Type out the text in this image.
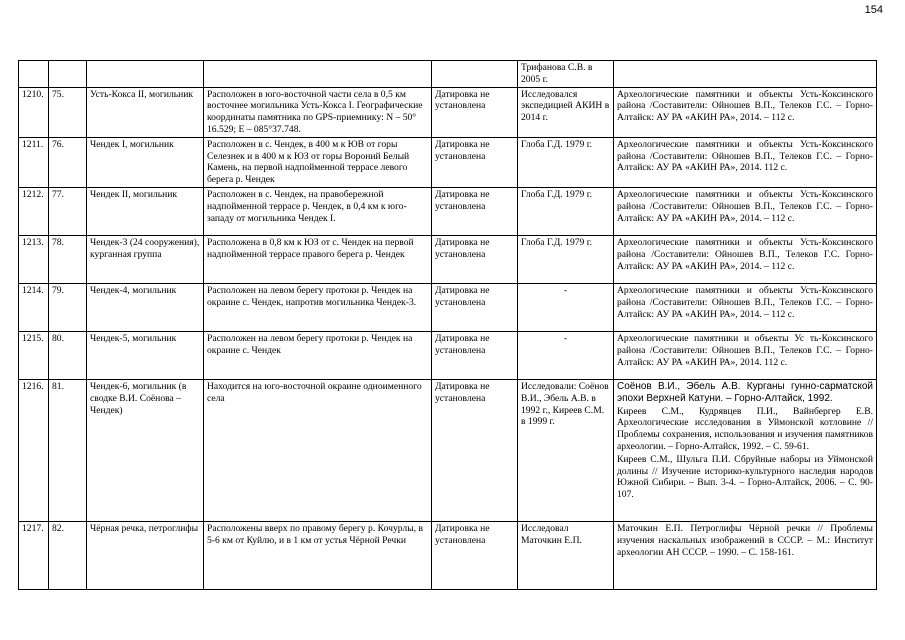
154
					Трифанова С.В. в 2005 г.	
1210.	75.	Усть-Кокса II, могильник	Расположен в юго-восточной части села в 0,5 км восточнее могильника Усть-Кокса I. Географические координаты памятника по GPS-приемнику: N – 50° 16.529; E – 085°37.748.	Датировка не установлена	Исследовался экспедицией АКИН в 2014 г.	Археологические памятники и объекты Усть-Коксинского района /Составители: Ойношев В.П., Телеков Г.С. – Горно-Алтайск: АУ РА «АКИН РА», 2014. – 112 с.

1211.	76.	Чендек I, могильник	Расположен в с. Чендек, в 400 м к ЮВ от горы Селезнек и в 400 м к ЮЗ от горы Вороний Белый Камень, на первой надпойменной террасе левого берега р. Чендек	Датировка не установлена	Глоба Г.Д. 1979 г.	Археологические памятники и объекты Усть-Коксинского района /Составители: Ойношев В.П., Телеков Г.С. – Горно-Алтайск: АУ РА «АКИН РА», 2014. 112 с.

1212.	77.	Чендек II, могильник	Расположен в с. Чендек, на правобережной надпойменной террасе р. Чендек, в 0,4 км к юго-западу от могильника Чендек I.	Датировка не установлена	Глоба Г.Д. 1979 г.	Археологические памятники и объекты Усть-Коксинского района /Составители: Ойношев В.П., Телеков Г.С. – Горно-Алтайск: АУ РА «АКИН РА», 2014. – 112 с.

1213.	78.	Чендек-3 (24 сооружения), курганная группа	Расположена в 0,8 км к ЮЗ от с. Чендек на первой надпойменной террасе правого берега р. Чендек	Датировка не установлена	Глоба Г.Д. 1979 г.	Археологические памятники и объекты Усть-Коксинского района /Составители: Ойношев В.П., Телеков Г.С. Горно-Алтайск: АУ РА «АКИН РА», 2014. – 112 с.

1214.	79.	Чендек-4, могильник	Расположен на левом берегу протоки р. Чендек на окраине с. Чендек, напротив могильника Чендек-3.	Датировка не установлена	-	Археологические памятники и объекты Усть-Коксинского района /Составители: Ойношев В.П., Телеков Г.С. – Горно-Алтайск: АУ РА «АКИН РА», 2014. – 112 с.

1215.	80.	Чендек-5, могильник	Расположен на левом берегу протоки р. Чендек на окраине с. Чендек	Датировка не установлена	-	Археологические памятники и объекты Ус ть-Коксинского района /Составители: Ойношев В.П., Телеков Г.С. – Горно-Алтайск: АУ РА «АКИН РА», 2014. 112 с.

1216.	81.	Чендек-6, могильник (в сводке В.И. Соёнова – Чендек)	Находится на юго-восточной окраине одноименного села	Датировка не установлена	Исследовали: Соёнов В.И., Эбель А.В. в 1992 г., Киреев С.М. в 1999 г.	Соёнов В.И., Эбель А.В. Курганы гунно-сарматской эпохи Верхней Катуни. – Горно-Алтайск, 1992.

Киреев С.М., Кудрявцев П.И., Вайнбергер Е.В. Археологические исследования в Уймонской котловине // Проблемы сохранения, использования и изучения памятников археологии. – Горно-Алтайск, 1992. – С. 59-61.

Киреев С.М., Шульга П.И. Сбруйные наборы из Уймонской долины // Изучение историко-культурного наследия народов Южной Сибири. – Вып. 3-4. – Горно-Алтайск, 2006. – С. 90-107.

1217.	82.	Чёрная речка, петроглифы	Расположены вверх по правому берегу р. Кочурлы, в 5-6 км от Куйлю, и в 1 км от устья Чёрной Речки	Датировка не установлена	Исследовал Маточкин Е.П.	Маточкин Е.П. Петроглифы Чёрной речки // Проблемы изучения наскальных изображений в СССР. – М.: Институт археологии АН СССР. – 1990. – С. 158-161.
